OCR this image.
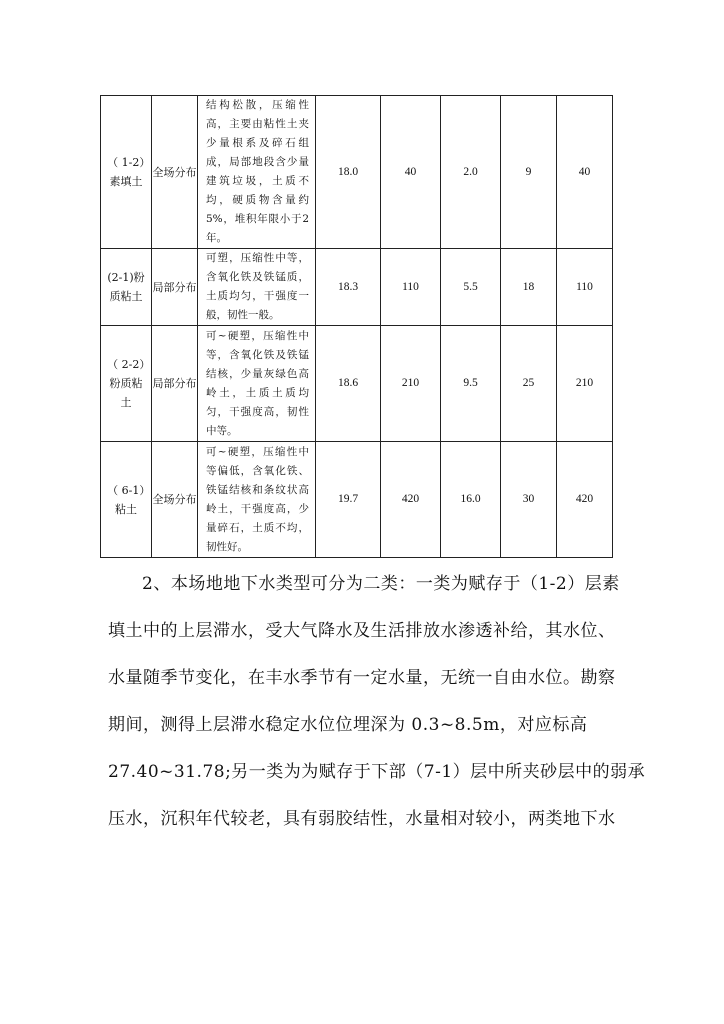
（ 1-2）素填土	全场分布	结构松散，压缩性高，主要由粘性土夹少量根系及碎石组成，局部地段含少量建筑垃圾，土质不均，硬质物含量约5%，堆积年限小于2年。	18.0	40	2.0	9	40
(2-1)粉质粘土	局部分布	可塑，压缩性中等，含氧化铁及铁锰质，土质均匀，干强度一般，韧性一般。	18.3	110	5.5	18	110
（ 2-2）粉质粘土	局部分布	可~硬塑，压缩性中等，含氧化铁及铁锰结核，少量灰绿色高岭土，土质土质均匀，干强度高，韧性中等。	18.6	210	9.5	25	210
（ 6-1）粘土	全场分布	可~硬塑，压缩性中等偏低，含氧化铁、铁锰结核和条纹状高岭土，干强度高，少量碎石，土质不均，韧性好。	19.7	420	16.0	30	420
2、本场地地下水类型可分为二类：一类为赋存于（1-2）层素
填土中的上层滞水，受大气降水及生活排放水渗透补给，其水位、
水量随季节变化，在丰水季节有一定水量，无统一自由水位。勘察
期间，测得上层滞水稳定水位位埋深为 0.3~8.5m，对应标高
27.40~31.78;另一类为为赋存于下部（7-1）层中所夹砂层中的弱承
压水，沉积年代较老，具有弱胶结性，水量相对较小，两类地下水
